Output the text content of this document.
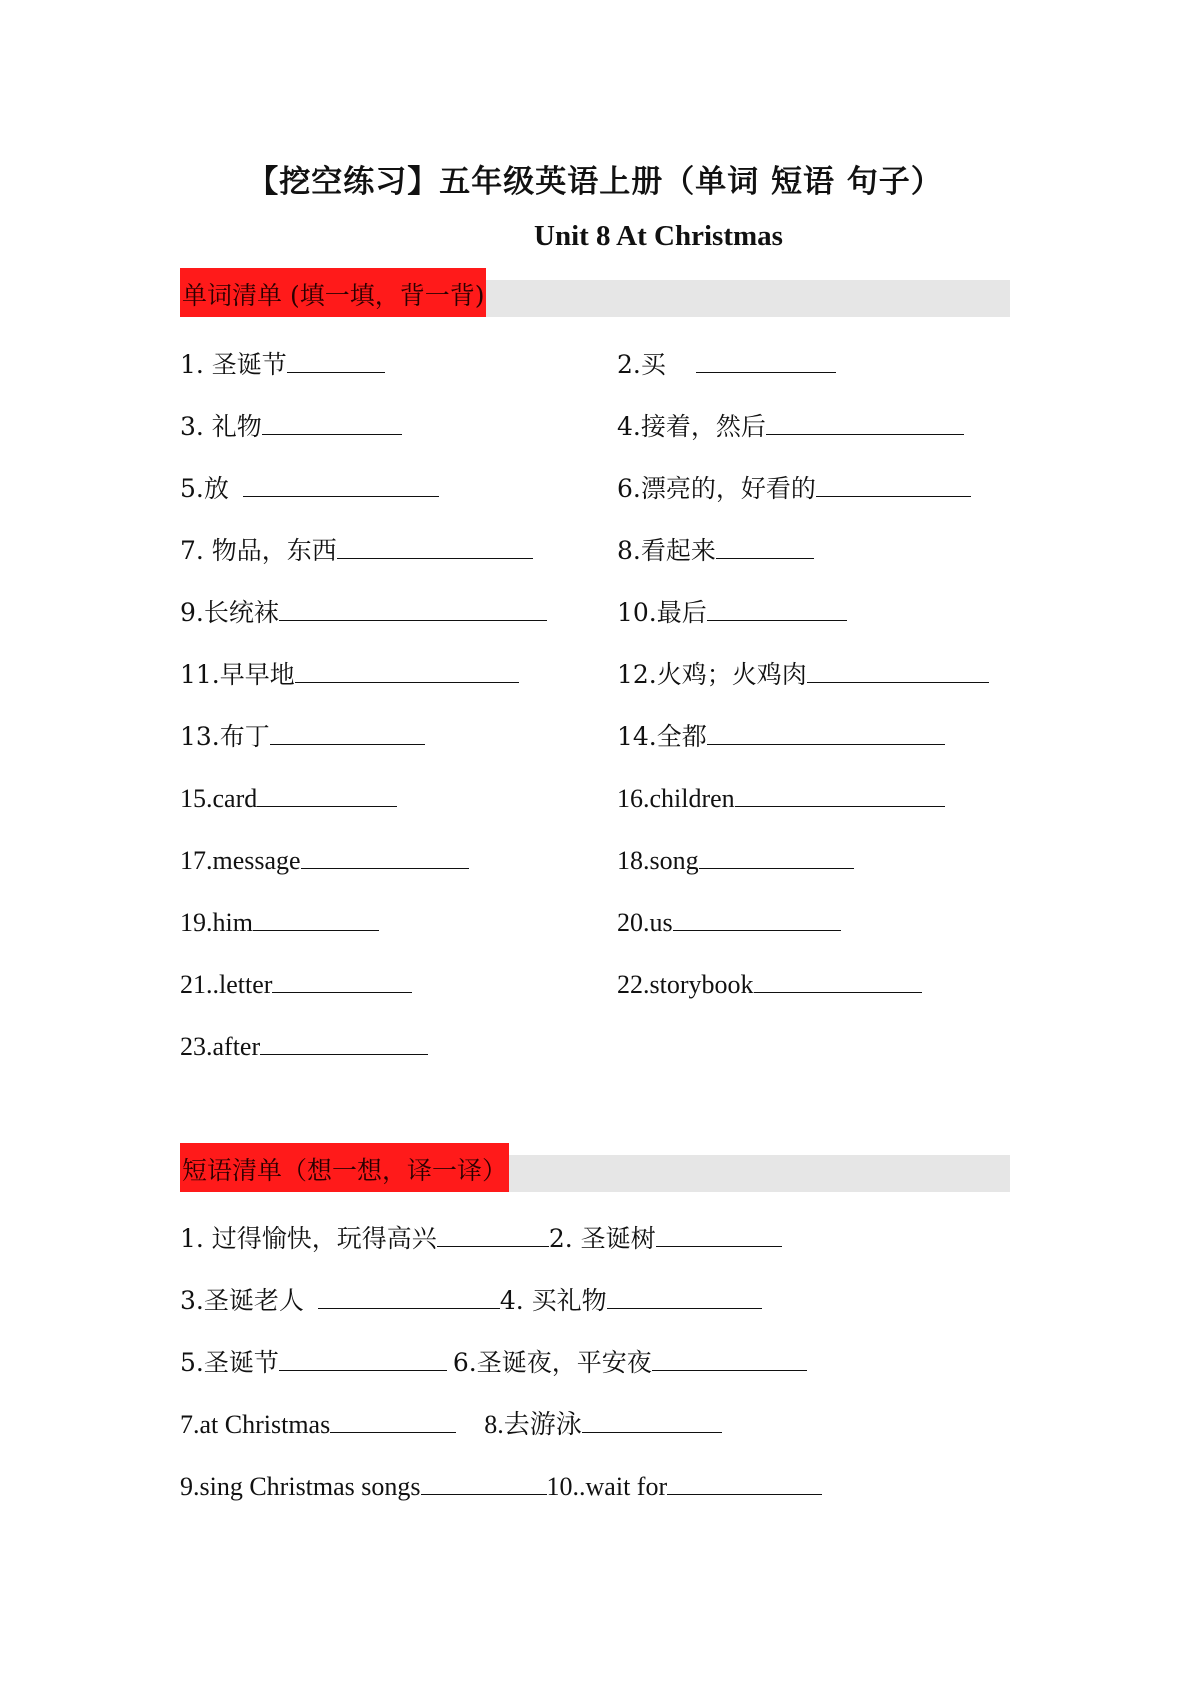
【挖空练习】五年级英语上册（单词 短语 句子）
Unit 8 At Christmas
单词清单 (填一填，背一背)
1. 圣诞节	2.买
3. 礼物	4.接着，然后
5.放	6.漂亮的，好看的
7. 物品，东西	8.看起来
9.长统袜	10.最后
11.早早地	12.火鸡；火鸡肉
13.布丁	14.全都
15.card	16.children
17.message	18.song
19.him	20.us
21..letter	22.storybook
23.after
短语清单（想一想，译一译）
1. 过得愉快，玩得高兴	2. 圣诞树
3.圣诞老人	4. 买礼物
5.圣诞节	6.圣诞夜，平安夜
7.at Christmas	8.去游泳
9.sing Christmas songs	10..wait for
